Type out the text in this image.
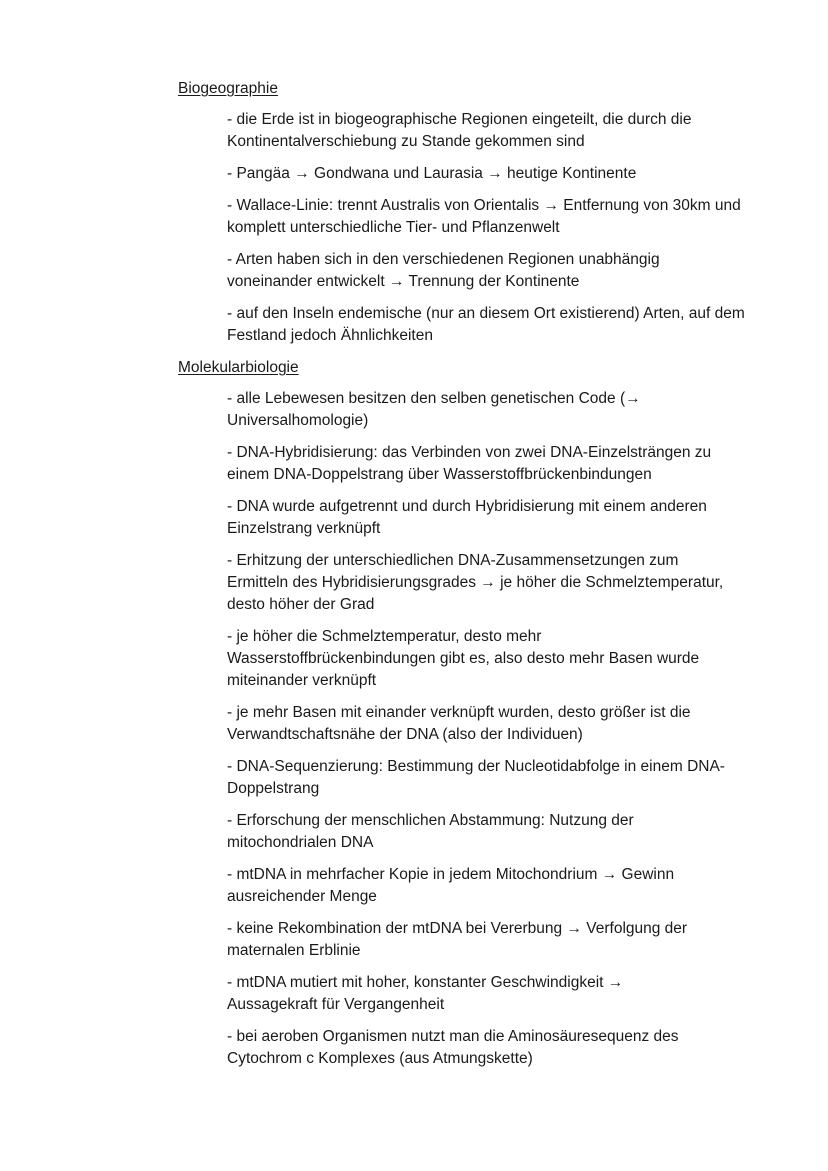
Biogeographie
- die Erde ist in biogeographische Regionen eingeteilt, die durch die Kontinentalverschiebung zu Stande gekommen sind
- Pangäa → Gondwana und Laurasia → heutige Kontinente
- Wallace-Linie: trennt Australis von Orientalis → Entfernung von 30km und komplett unterschiedliche Tier- und Pflanzenwelt
- Arten haben sich in den verschiedenen Regionen unabhängig voneinander entwickelt → Trennung der Kontinente
- auf den Inseln endemische (nur an diesem Ort existierend) Arten, auf dem Festland jedoch Ähnlichkeiten
Molekularbiologie
- alle Lebewesen besitzen den selben genetischen Code (→ Universalhomologie)
- DNA-Hybridisierung: das Verbinden von zwei DNA-Einzelsträngen zu einem DNA-Doppelstrang über Wasserstoffbrückenbindungen
- DNA wurde aufgetrennt und durch Hybridisierung mit einem anderen Einzelstrang verknüpft
- Erhitzung der unterschiedlichen DNA-Zusammensetzungen zum Ermitteln des Hybridisierungsgrades → je höher die Schmelztemperatur, desto höher der Grad
- je höher die Schmelztemperatur, desto mehr Wasserstoffbrückenbindungen gibt es, also desto mehr Basen wurde miteinander verknüpft
- je mehr Basen mit einander verknüpft wurden, desto größer ist die Verwandtschaftsnähe der DNA (also der Individuen)
- DNA-Sequenzierung: Bestimmung der Nucleotidabfolge in einem DNA-Doppelstrang
- Erforschung der menschlichen Abstammung: Nutzung der mitochondrialen DNA
- mtDNA in mehrfacher Kopie in jedem Mitochondrium → Gewinn ausreichender Menge
- keine Rekombination der mtDNA bei Vererbung → Verfolgung der maternalen Erblinie
- mtDNA mutiert mit hoher, konstanter Geschwindigkeit → Aussagekraft für Vergangenheit
- bei aeroben Organismen nutzt man die Aminosäuresequenz des Cytochrom c Komplexes (aus Atmungskette)
